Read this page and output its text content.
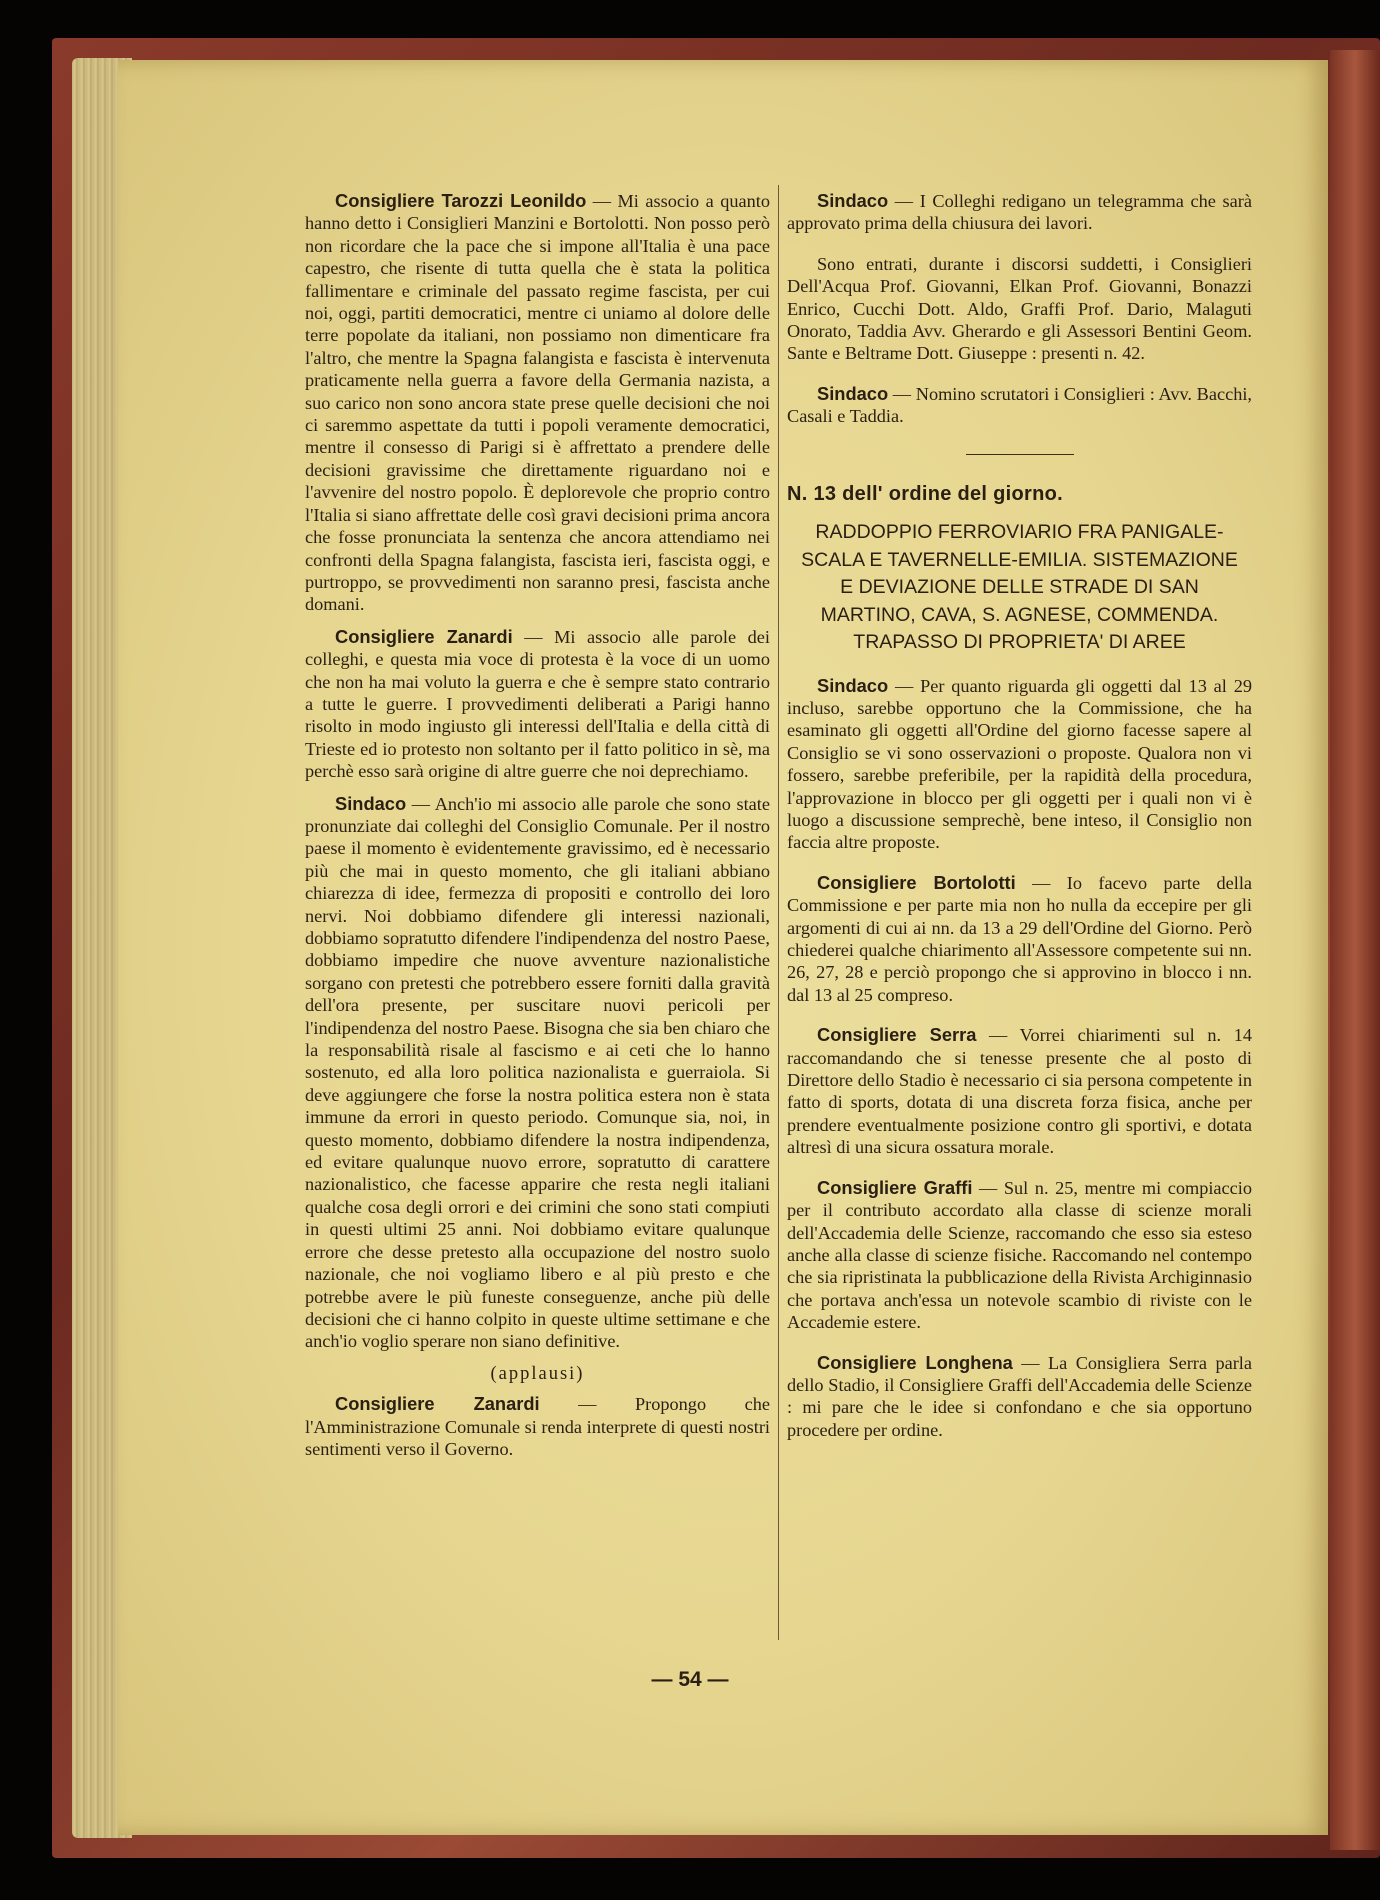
Consigliere Tarozzi Leonildo — Mi associo a quanto hanno detto i Consiglieri Manzini e Bortolotti. Non posso però non ricordare che la pace che si impone all'Italia è una pace capestro, che risente di tutta quella che è stata la politica fallimentare e criminale del passato regime fascista, per cui noi, oggi, partiti democratici, mentre ci uniamo al dolore delle terre popolate da italiani, non possiamo non dimenticare fra l'altro, che mentre la Spagna falangista e fascista è intervenuta praticamente nella guerra a favore della Germania nazista, a suo carico non sono ancora state prese quelle decisioni che noi ci saremmo aspettate da tutti i popoli veramente democratici, mentre il consesso di Parigi si è affrettato a prendere delle decisioni gravissime che direttamente riguardano noi e l'avvenire del nostro popolo. È deplorevole che proprio contro l'Italia si siano affrettate delle così gravi decisioni prima ancora che fosse pronunciata la sentenza che ancora attendiamo nei confronti della Spagna falangista, fascista ieri, fascista oggi, e purtroppo, se provvedimenti non saranno presi, fascista anche domani.

Consigliere Zanardi — Mi associo alle parole dei colleghi, e questa mia voce di protesta è la voce di un uomo che non ha mai voluto la guerra e che è sempre stato contrario a tutte le guerre. I provvedimenti deliberati a Parigi hanno risolto in modo ingiusto gli interessi dell'Italia e della città di Trieste ed io protesto non soltanto per il fatto politico in sè, ma perchè esso sarà origine di altre guerre che noi deprechiamo.

Sindaco — Anch'io mi associo alle parole che sono state pronunziate dai colleghi del Consiglio Comunale. Per il nostro paese il momento è evidentemente gravissimo, ed è necessario più che mai in questo momento, che gli italiani abbiano chiarezza di idee, fermezza di propositi e controllo dei loro nervi. Noi dobbiamo difendere gli interessi nazionali, dobbiamo sopratutto difendere l'indipendenza del nostro Paese, dobbiamo impedire che nuove avventure nazionalistiche sorgano con pretesti che potrebbero essere forniti dalla gravità dell'ora presente, per suscitare nuovi pericoli per l'indipendenza del nostro Paese. Bisogna che sia ben chiaro che la responsabilità risale al fascismo e ai ceti che lo hanno sostenuto, ed alla loro politica nazionalista e guerraiola. Si deve aggiungere che forse la nostra politica estera non è stata immune da errori in questo periodo. Comunque sia, noi, in questo momento, dobbiamo difendere la nostra indipendenza, ed evitare qualunque nuovo errore, sopratutto di carattere nazionalistico, che facesse apparire che resta negli italiani qualche cosa degli orrori e dei crimini che sono stati compiuti in questi ultimi 25 anni. Noi dobbiamo evitare qualunque errore che desse pretesto alla occupazione del nostro suolo nazionale, che noi vogliamo libero e al più presto e che potrebbe avere le più funeste conseguenze, anche più delle decisioni che ci hanno colpito in queste ultime settimane e che anch'io voglio sperare non siano definitive.

(applausi)

Consigliere Zanardi — Propongo che l'Amministrazione Comunale si renda interprete di questi nostri sentimenti verso il Governo.

Sindaco — I Colleghi redigano un telegramma che sarà approvato prima della chiusura dei lavori.

Sono entrati, durante i discorsi suddetti, i Consiglieri Dell'Acqua Prof. Giovanni, Elkan Prof. Giovanni, Bonazzi Enrico, Cucchi Dott. Aldo, Graffi Prof. Dario, Malaguti Onorato, Taddia Avv. Gherardo e gli Assessori Bentini Geom. Sante e Beltrame Dott. Giuseppe : presenti n. 42.

Sindaco — Nomino scrutatori i Consiglieri : Avv. Bacchi, Casali e Taddia.

N. 13 dell' ordine del giorno.
RADDOPPIO FERROVIARIO FRA PANIGALE-SCALA E TAVERNELLE-EMILIA. SISTEMAZIONE E DEVIAZIONE DELLE STRADE DI SAN MARTINO, CAVA, S. AGNESE, COMMENDA. TRAPASSO DI PROPRIETA' DI AREE

Sindaco — Per quanto riguarda gli oggetti dal 13 al 29 incluso, sarebbe opportuno che la Commissione, che ha esaminato gli oggetti all'Ordine del giorno facesse sapere al Consiglio se vi sono osservazioni o proposte. Qualora non vi fossero, sarebbe preferibile, per la rapidità della procedura, l'approvazione in blocco per gli oggetti per i quali non vi è luogo a discussione semprechè, bene inteso, il Consiglio non faccia altre proposte.

Consigliere Bortolotti — Io facevo parte della Commissione e per parte mia non ho nulla da eccepire per gli argomenti di cui ai nn. da 13 a 29 dell'Ordine del Giorno. Però chiederei qualche chiarimento all'Assessore competente sui nn. 26, 27, 28 e perciò propongo che si approvino in blocco i nn. dal 13 al 25 compreso.

Consigliere Serra — Vorrei chiarimenti sul n. 14 raccomandando che si tenesse presente che al posto di Direttore dello Stadio è necessario ci sia persona competente in fatto di sports, dotata di una discreta forza fisica, anche per prendere eventualmente posizione contro gli sportivi, e dotata altresì di una sicura ossatura morale.

Consigliere Graffi — Sul n. 25, mentre mi compiaccio per il contributo accordato alla classe di scienze morali dell'Accademia delle Scienze, raccomando che esso sia esteso anche alla classe di scienze fisiche. Raccomando nel contempo che sia ripristinata la pubblicazione della Rivista Archiginnasio che portava anch'essa un notevole scambio di riviste con le Accademie estere.

Consigliere Longhena — La Consigliera Serra parla dello Stadio, il Consigliere Graffi dell'Accademia delle Scienze : mi pare che le idee si confondano e che sia opportuno procedere per ordine.

— 54 —
